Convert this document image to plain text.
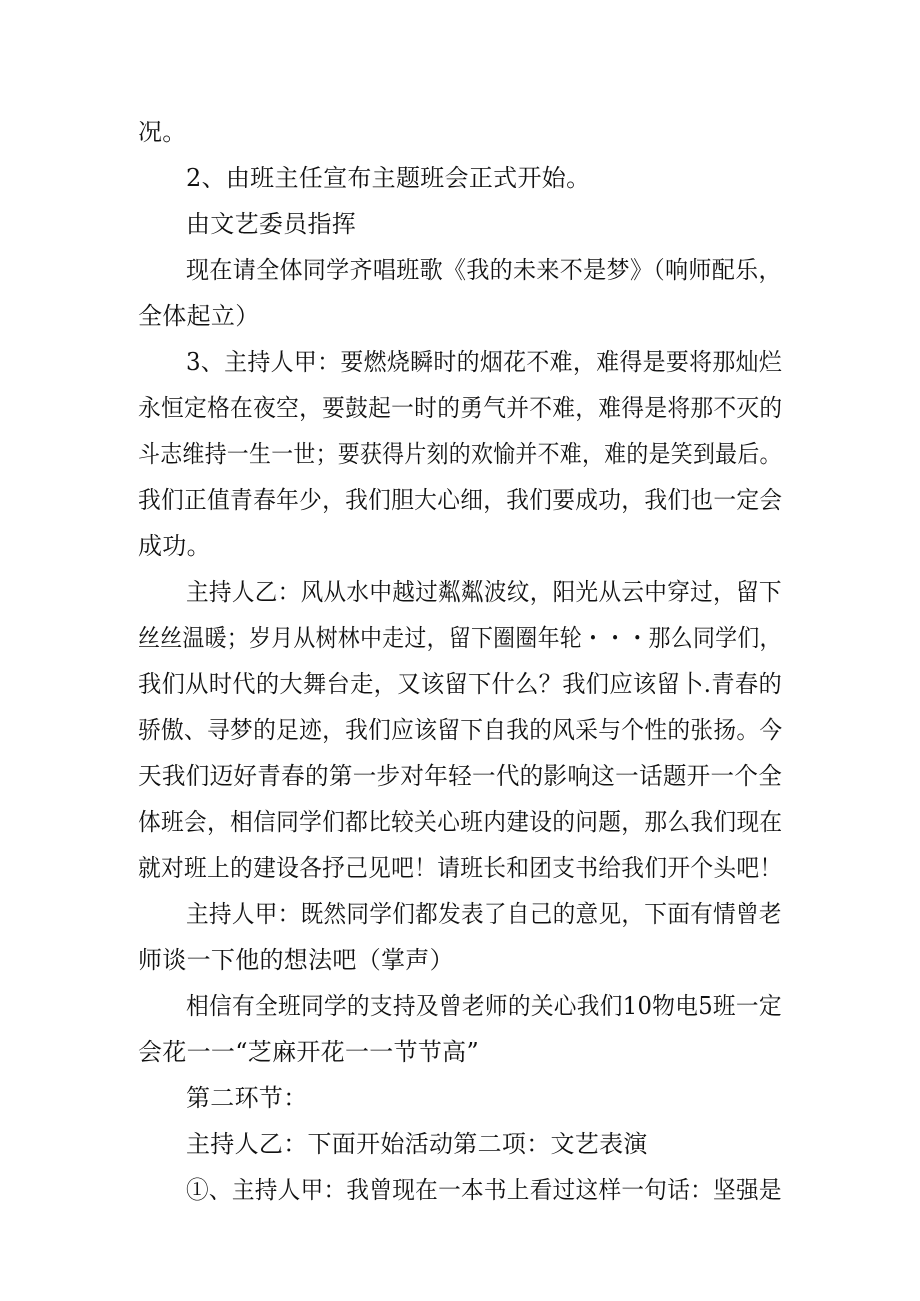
况。
2、由班主任宣布主题班会正式开始。
由文艺委员指挥
现在请全体同学齐唱班歌《我的未来不是梦》（响师配乐，
全体起立）
3、主持人甲：要燃烧瞬时的烟花不难，难得是要将那灿烂
永恒定格在夜空，要鼓起一时的勇气并不难，难得是将那不灭的
斗志维持一生一世；要获得片刻的欢愉并不难，难的是笑到最后。
我们正值青春年少，我们胆大心细，我们要成功，我们也一定会
成功。
主持人乙：风从水中越过粼粼波纹，阳光从云中穿过，留下
丝丝温暖；岁月从树林中走过，留下圈圈年轮・・・那么同学们，
我们从时代的大舞台走，又该留下什么？我们应该留卜.青春的
骄傲、寻梦的足迹，我们应该留下自我的风采与个性的张扬。今
天我们迈好青春的第一步对年轻一代的影响这一话题开一个全
体班会，相信同学们都比较关心班内建设的问题，那么我们现在
就对班上的建设各抒己见吧！请班长和团支书给我们开个头吧！
主持人甲：既然同学们都发表了自己的意见，下面有情曾老
师谈一下他的想法吧（掌声）
相信有全班同学的支持及曾老师的关心我们10物电5班一定
会花一一“芝麻开花一一节节高”
第二环节：
主持人乙：下面开始活动第二项：文艺表演
①、主持人甲：我曾现在一本书上看过这样一句话：坚强是
